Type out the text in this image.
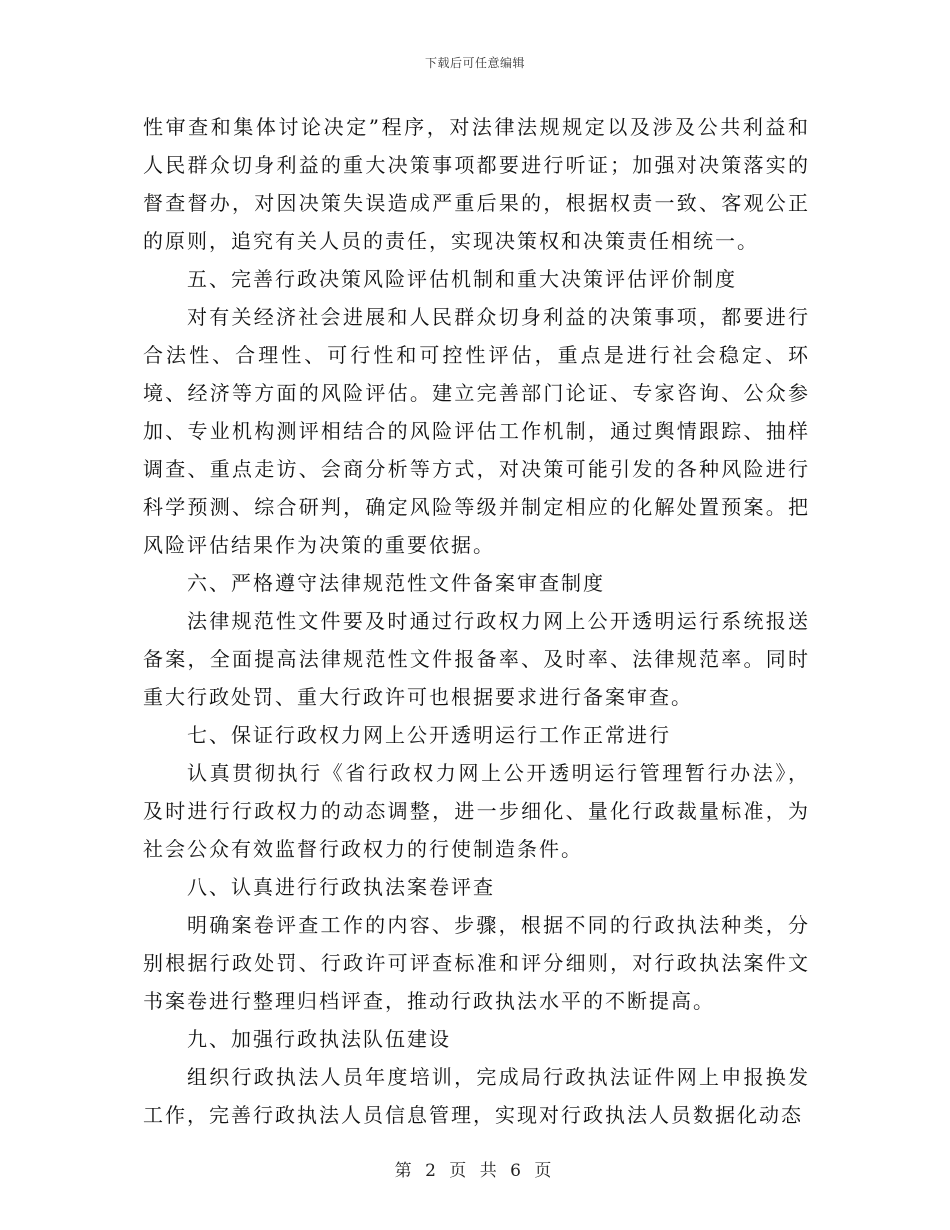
下载后可任意编辑

性审查和集体讨论决定”程序，对法律法规规定以及涉及公共利益和人民群众切身利益的重大决策事项都要进行听证；加强对决策落实的督查督办，对因决策失误造成严重后果的，根据权责一致、客观公正的原则，追究有关人员的责任，实现决策权和决策责任相统一。

五、完善行政决策风险评估机制和重大决策评估评价制度

对有关经济社会进展和人民群众切身利益的决策事项，都要进行合法性、合理性、可行性和可控性评估，重点是进行社会稳定、环境、经济等方面的风险评估。建立完善部门论证、专家咨询、公众参加、专业机构测评相结合的风险评估工作机制，通过舆情跟踪、抽样调查、重点走访、会商分析等方式，对决策可能引发的各种风险进行科学预测、综合研判，确定风险等级并制定相应的化解处置预案。把风险评估结果作为决策的重要依据。

六、严格遵守法律规范性文件备案审查制度

法律规范性文件要及时通过行政权力网上公开透明运行系统报送备案，全面提高法律规范性文件报备率、及时率、法律规范率。同时重大行政处罚、重大行政许可也根据要求进行备案审查。

七、保证行政权力网上公开透明运行工作正常进行

认真贯彻执行《省行政权力网上公开透明运行管理暂行办法》，及时进行行政权力的动态调整，进一步细化、量化行政裁量标准，为社会公众有效监督行政权力的行使制造条件。

八、认真进行行政执法案卷评查

明确案卷评查工作的内容、步骤，根据不同的行政执法种类，分别根据行政处罚、行政许可评查标准和评分细则，对行政执法案件文书案卷进行整理归档评查，推动行政执法水平的不断提高。

九、加强行政执法队伍建设

组织行政执法人员年度培训，完成局行政执法证件网上申报换发工作，完善行政执法人员信息管理，实现对行政执法人员数据化动态

第 2 页 共 6 页
